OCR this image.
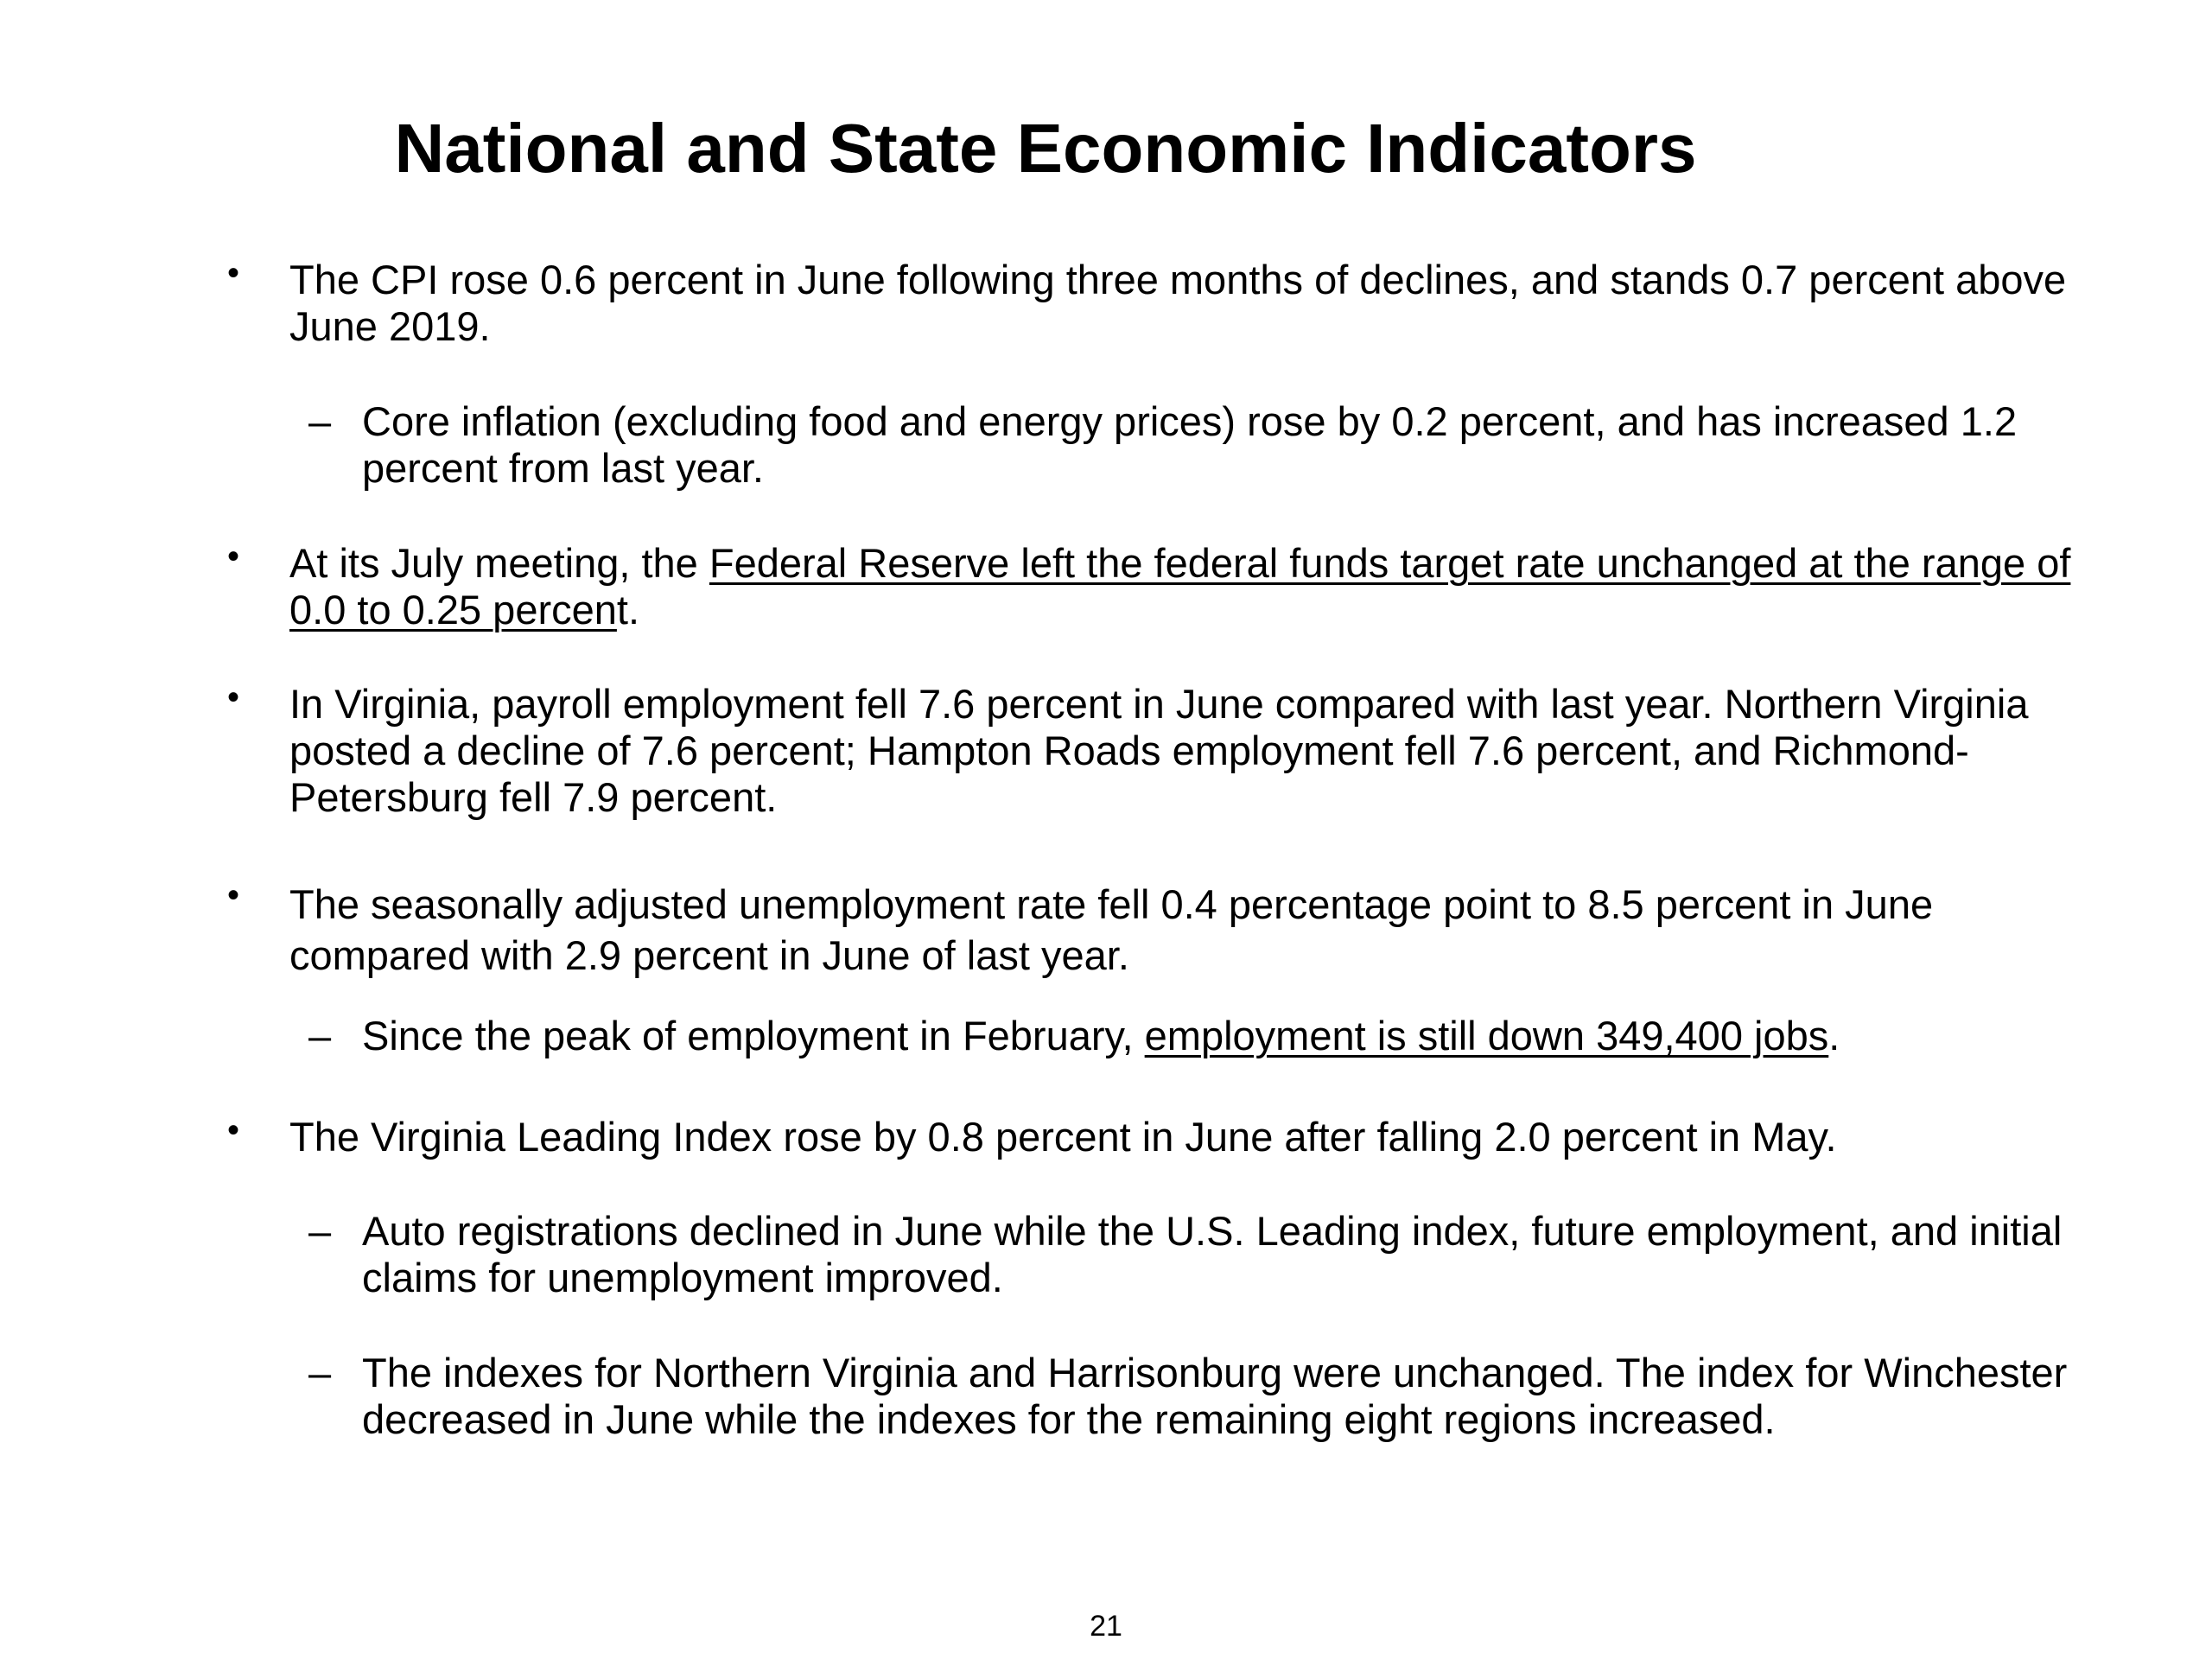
National and State Economic Indicators
• The CPI rose 0.6 percent in June following three months of declines, and stands 0.7 percent above June 2019.
– Core inflation (excluding food and energy prices) rose by 0.2 percent, and has increased 1.2 percent from last year.
• At its July meeting, the Federal Reserve left the federal funds target rate unchanged at the range of 0.0 to 0.25 percent.
• In Virginia, payroll employment fell 7.6 percent in June compared with last year. Northern Virginia posted a decline of 7.6 percent; Hampton Roads employment fell 7.6 percent, and Richmond-Petersburg fell 7.9 percent.
• The seasonally adjusted unemployment rate fell 0.4 percentage point to 8.5 percent in June compared with 2.9 percent in June of last year.
– Since the peak of employment in February, employment is still down 349,400 jobs.
• The Virginia Leading Index rose by 0.8 percent in June after falling 2.0 percent in May.
– Auto registrations declined in June while the U.S. Leading index, future employment, and initial claims for unemployment improved.
– The indexes for Northern Virginia and Harrisonburg were unchanged. The index for Winchester decreased in June while the indexes for the remaining eight regions increased.
21
